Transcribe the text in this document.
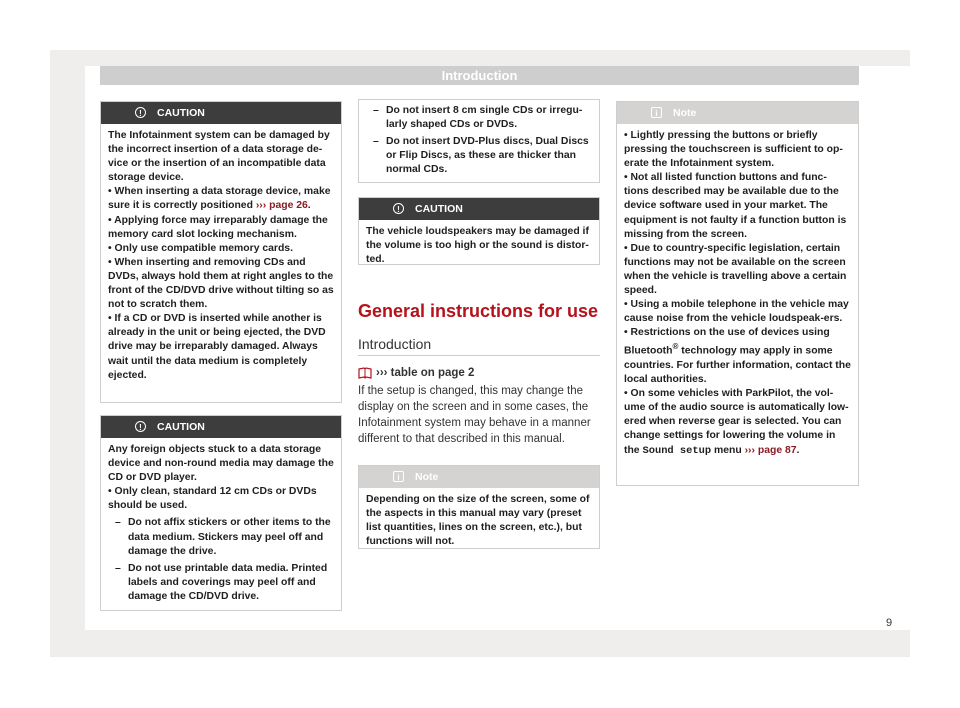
Introduction
!	CAUTION

The Infotainment system can be damaged by the incorrect insertion of a data storage de-vice or the insertion of an incompatible data storage device.

• When inserting a data storage device, make sure it is correctly positioned ››› page 26.

• Applying force may irreparably damage the memory card slot locking mechanism.

• Only use compatible memory cards.

• When inserting and removing CDs and DVDs, always hold them at right angles to the front of the CD/DVD drive without tilting so as not to scratch them.

• If a CD or DVD is inserted while another is already in the unit or being ejected, the DVD drive may be irreparably damaged. Always wait until the data medium is completely ejected.

!	CAUTION

Any foreign objects stuck to a data storage device and non-round media may damage the CD or DVD player.

• Only clean, standard 12 cm CDs or DVDs should be used.

– Do not affix stickers or other items to the data medium. Stickers may peel off and damage the drive.
– Do not use printable data media. Printed labels and coverings may peel off and damage the CD/DVD drive.
– Do not insert 8 cm single CDs or irregu-larly shaped CDs or DVDs.
– Do not insert DVD-Plus discs, Dual Discs or Flip Discs, as these are thicker than normal CDs.
!	CAUTION

The vehicle loudspeakers may be damaged if the volume is too high or the sound is distor-ted.

General instructions for use
Introduction
››› table on page 2
If the setup is changed, this may change the display on the screen and in some cases, the Infotainment system may behave in a manner different to that described in this manual.
i	Note

Depending on the size of the screen, some of the aspects in this manual may vary (preset list quantities, lines on the screen, etc.), but functions will not.

i	Note

• Lightly pressing the buttons or briefly pressing the touchscreen is sufficient to op-erate the Infotainment system.

• Not all listed function buttons and func-tions described may be available due to the device software used in your market. The equipment is not faulty if a function button is missing from the screen.

• Due to country-specific legislation, certain functions may not be available on the screen when the vehicle is travelling above a certain speed.

• Using a mobile telephone in the vehicle may cause noise from the vehicle loudspeak-ers.

• Restrictions on the use of devices using Bluetooth® technology may apply in some countries. For further information, contact the local authorities.

• On some vehicles with ParkPilot, the vol-ume of the audio source is automatically low-ered when reverse gear is selected. You can change settings for lowering the volume in the Sound setup menu ››› page 87.

9
